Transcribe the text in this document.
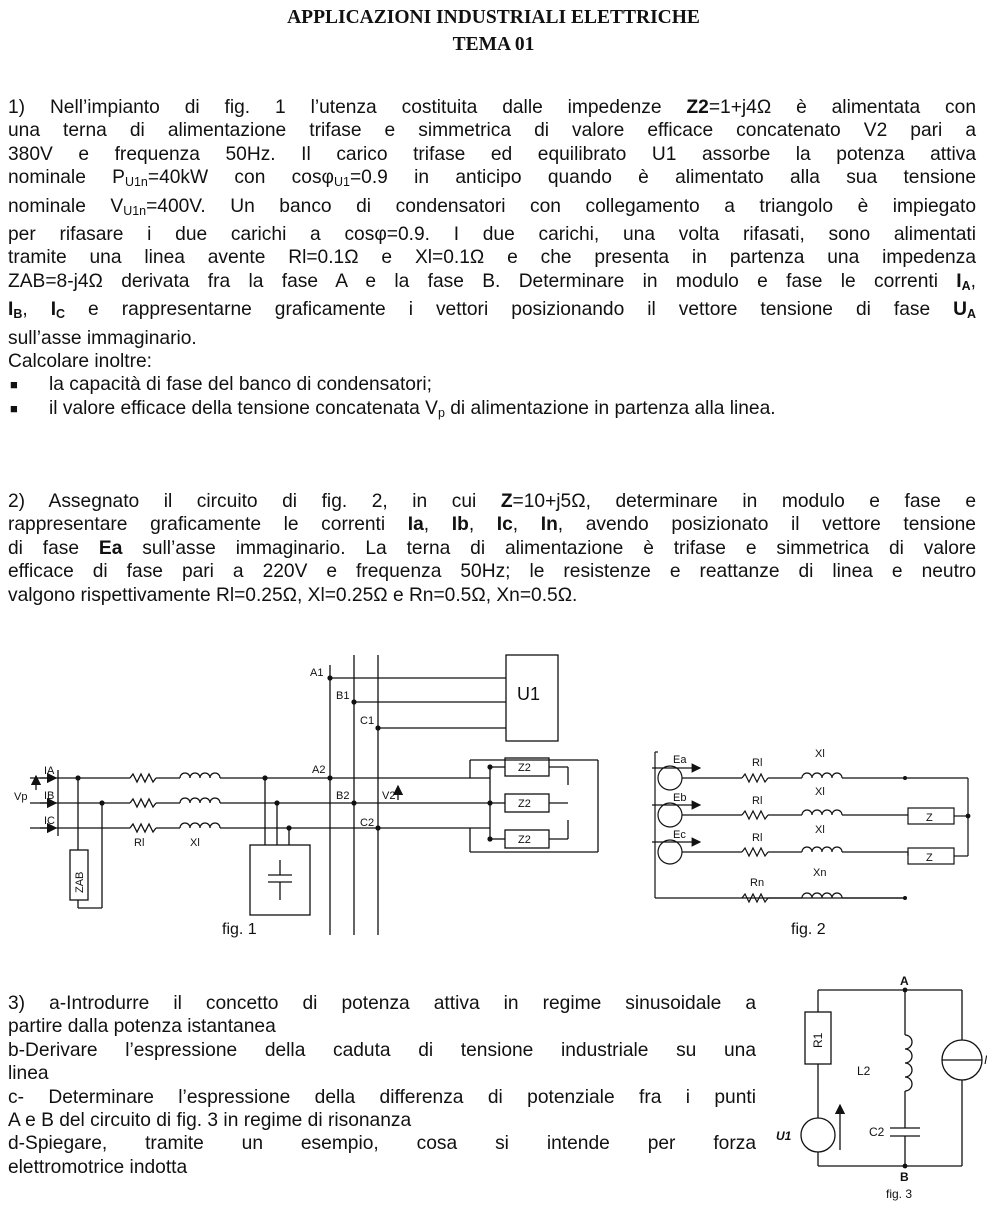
APPLICAZIONI INDUSTRIALI ELETTRICHE
TEMA 01
1) Nell’impianto di fig. 1 l’utenza costituita dalle impedenze Z2=1+j4Ω è alimentata con
una terna di alimentazione trifase e simmetrica di valore efficace concatenato V2 pari a
380V e frequenza 50Hz. Il carico trifase ed equilibrato U1 assorbe la potenza attiva
nominale $P_{U1n}=40kW$ con cosφ$_{U1}$=0.9 in anticipo quando è alimentato alla sua tensione
nominale $V_{U1n}=400V$. Un banco di condensatori con collegamento a triangolo è impiegato
per rifasare i due carichi a cosφ=0.9. I due carichi, una volta rifasati, sono alimentati
tramite una linea avente Rl=0.1Ω e Xl=0.1Ω e che presenta in partenza una impedenza
ZAB=8-j4Ω derivata fra la fase A e la fase B. Determinare in modulo e fase le correnti $I_A$,
$I_B$, $I_C$ e rappresentarne graficamente i vettori posizionando il vettore tensione di fase $U_A$
sull’asse immaginario.
Calcolare inoltre:
■ la capacità di fase del banco di condensatori;
■ il valore efficace della tensione concatenata $V_p$ di alimentazione in partenza alla linea.
2) Assegnato il circuito di fig. 2, in cui Z=10+j5Ω, determinare in modulo e fase e
rappresentare graficamente le correnti Ia, Ib, Ic, In, avendo posizionato il vettore tensione
di fase Ea sull’asse immaginario. La terna di alimentazione è trifase e simmetrica di valore
efficace di fase pari a 220V e frequenza 50Hz; le resistenze e reattanze di linea e neutro
valgono rispettivamente Rl=0.25Ω, Xl=0.25Ω e Rn=0.5Ω, Xn=0.5Ω.
IA
IB
IC
Vp
Rl	Xl
A1
B1
C1
A2
B2
C2
V2
U1
Z2
Z2
Z2
ZAB
fig. 1
Ea
Eb
Ec
Rl
Rl
Rl
Rn
Xl
Xl
Xl
Xn
Z
Z
fig. 2
A
B
R1
L2
C2
U1
fig. 3
3) a-Introdurre il concetto di potenza attiva in regime sinusoidale a
partire dalla potenza istantanea
b-Derivare l’espressione della caduta di tensione industriale su una
linea
c- Determinare l’espressione della differenza di potenziale fra i punti
A e B del circuito di fig. 3 in regime di risonanza
d-Spiegare, tramite un esempio, cosa si intende per forza
elettromotrice indotta
